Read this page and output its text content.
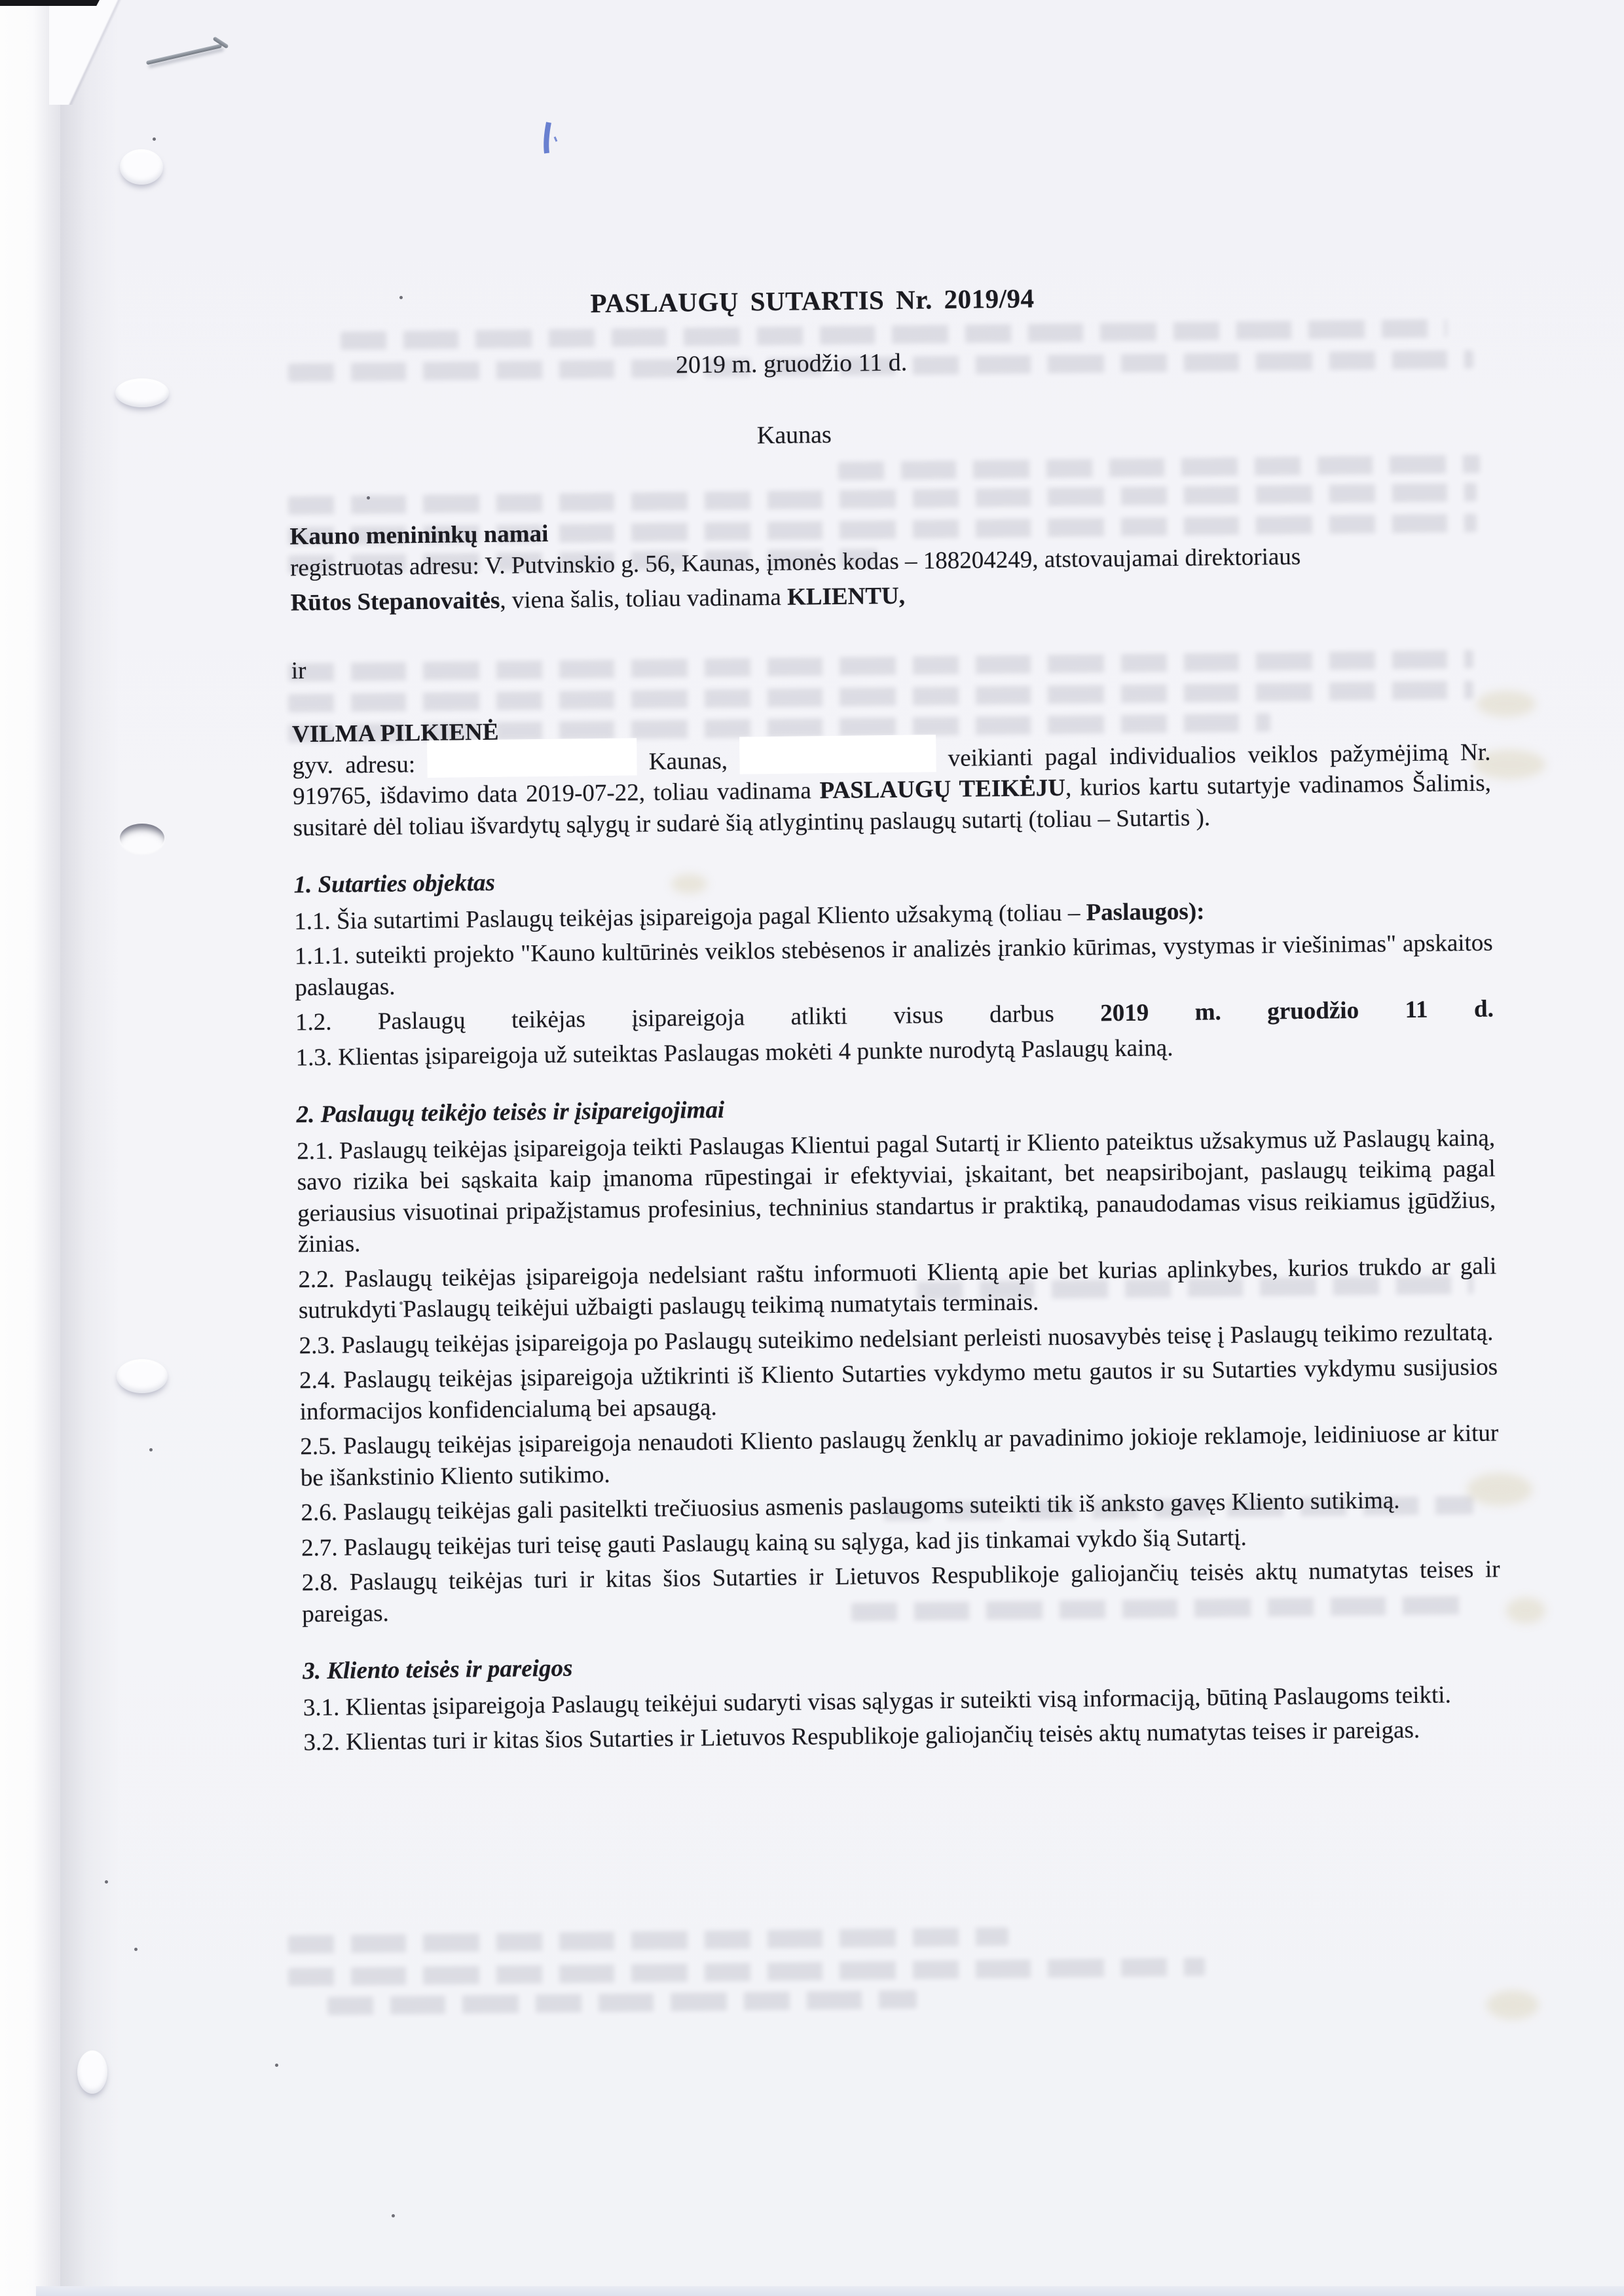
PASLAUGŲ SUTARTIS Nr. 2019/94
2019 m. gruodžio 11 d.
Kaunas
Kauno menininkų namai
registruotas adresu: V. Putvinskio g. 56, Kaunas, įmonės kodas – 188204249, atstovaujamai direktoriaus
Rūtos Stepanovaitės, viena šalis, toliau vadinama KLIENTU,
ir
VILMA PILKIENĖ
gyv. adresu:	Kaunas,	veikianti pagal individualios veiklos pažymėjimą Nr. 919765, išdavimo data 2019-07-22, toliau vadinama PASLAUGŲ TEIKĖJU, kurios kartu sutartyje vadinamos Šalimis, susitarė dėl toliau išvardytų sąlygų ir sudarė šią atlygintinų paslaugų sutartį (toliau – Sutartis ).
1. Sutarties objektas
1.1. Šia sutartimi Paslaugų teikėjas įsipareigoja pagal Kliento užsakymą (toliau – Paslaugos):
1.1.1. suteikti projekto "Kauno kultūrinės veiklos stebėsenos ir analizės įrankio kūrimas, vystymas ir viešinimas" apskaitos paslaugas.
1.2. Paslaugų teikėjas įsipareigoja atlikti visus darbus 2019 m. gruodžio 11 d.
1.3. Klientas įsipareigoja už suteiktas Paslaugas mokėti 4 punkte nurodytą Paslaugų kainą.
2. Paslaugų teikėjo teisės ir įsipareigojimai
2.1. Paslaugų teikėjas įsipareigoja teikti Paslaugas Klientui pagal Sutartį ir Kliento pateiktus užsakymus už Paslaugų kainą, savo rizika bei sąskaita kaip įmanoma rūpestingai ir efektyviai, įskaitant, bet neapsiribojant, paslaugų teikimą pagal geriausius visuotinai pripažįstamus profesinius, techninius standartus ir praktiką, panaudodamas visus reikiamus įgūdžius, žinias.
2.2. Paslaugų teikėjas įsipareigoja nedelsiant raštu informuoti Klientą apie bet kurias aplinkybes, kurios trukdo ar gali sutrukdyti Paslaugų teikėjui užbaigti paslaugų teikimą numatytais terminais.
2.3. Paslaugų teikėjas įsipareigoja po Paslaugų suteikimo nedelsiant perleisti nuosavybės teisę į Paslaugų teikimo rezultatą.
2.4. Paslaugų teikėjas įsipareigoja užtikrinti iš Kliento Sutarties vykdymo metu gautos ir su Sutarties vykdymu susijusios informacijos konfidencialumą bei apsaugą.
2.5. Paslaugų teikėjas įsipareigoja nenaudoti Kliento paslaugų ženklų ar pavadinimo jokioje reklamoje, leidiniuose ar kitur be išankstinio Kliento sutikimo.
2.6. Paslaugų teikėjas gali pasitelkti trečiuosius asmenis paslaugoms suteikti tik iš anksto gavęs Kliento sutikimą.
2.7. Paslaugų teikėjas turi teisę gauti Paslaugų kainą su sąlyga, kad jis tinkamai vykdo šią Sutartį.
2.8. Paslaugų teikėjas turi ir kitas šios Sutarties ir Lietuvos Respublikoje galiojančių teisės aktų numatytas teises ir pareigas.
3. Kliento teisės ir pareigos
3.1. Klientas įsipareigoja Paslaugų teikėjui sudaryti visas sąlygas ir suteikti visą informaciją, būtiną Paslaugoms teikti.
3.2. Klientas turi ir kitas šios Sutarties ir Lietuvos Respublikoje galiojančių teisės aktų numatytas teises ir pareigas.
